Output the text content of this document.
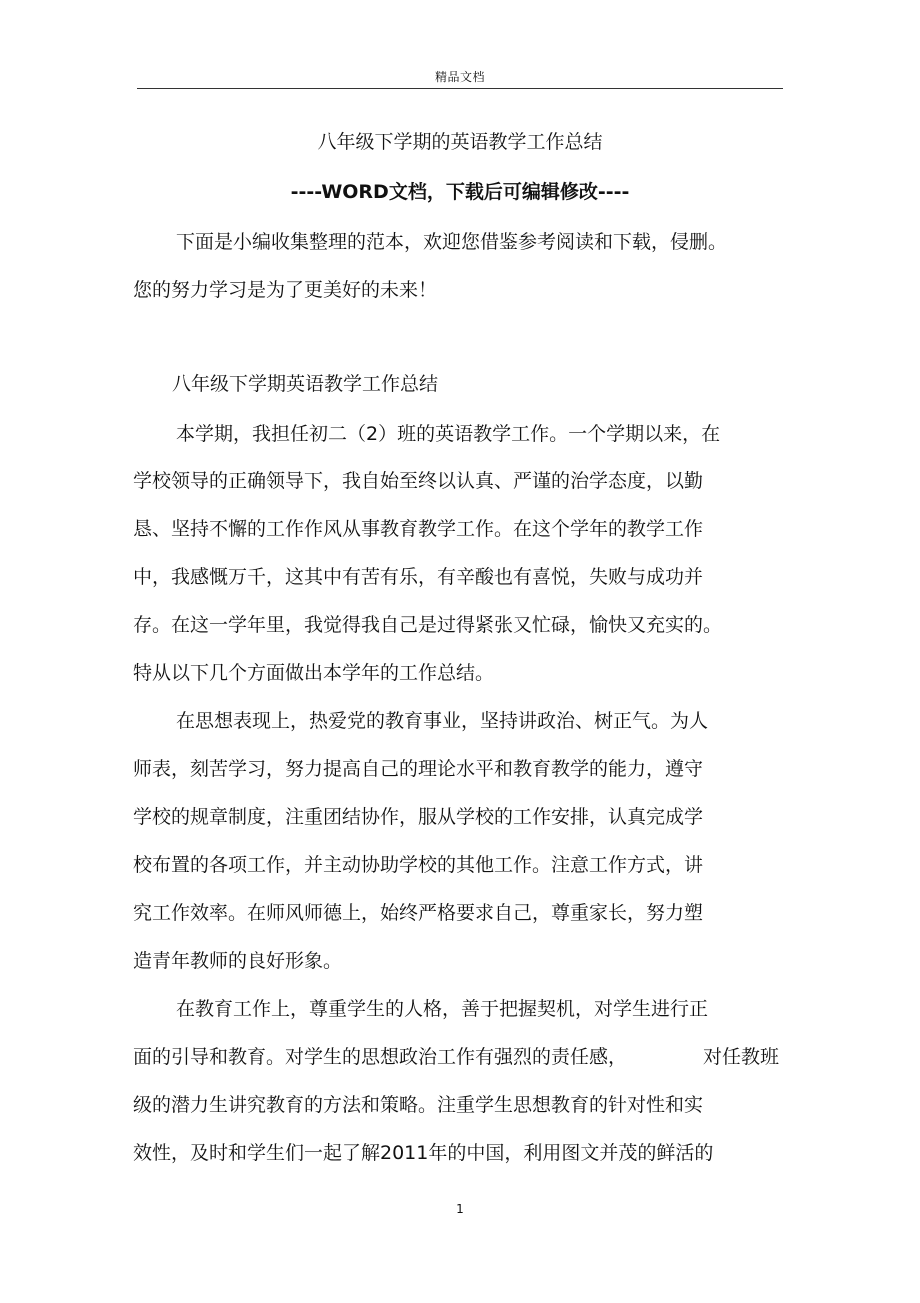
精品文档
八年级下学期的英语教学工作总结
----WORD文档，下载后可编辑修改----
下面是小编收集整理的范本，欢迎您借鉴参考阅读和下载，侵删。
您的努力学习是为了更美好的未来！
八年级下学期英语教学工作总结
本学期，我担任初二（2）班的英语教学工作。一个学期以来，在
学校领导的正确领导下，我自始至终以认真、严谨的治学态度，以勤
恳、坚持不懈的工作作风从事教育教学工作。在这个学年的教学工作
中，我感慨万千，这其中有苦有乐，有辛酸也有喜悦，失败与成功并
存。在这一学年里，我觉得我自己是过得紧张又忙碌，愉快又充实的。
特从以下几个方面做出本学年的工作总结。
在思想表现上，热爱党的教育事业，坚持讲政治、树正气。为人
师表，刻苦学习，努力提高自己的理论水平和教育教学的能力，遵守
学校的规章制度，注重团结协作，服从学校的工作安排，认真完成学
校布置的各项工作，并主动协助学校的其他工作。注意工作方式，讲
究工作效率。在师风师德上，始终严格要求自己，尊重家长，努力塑
造青年教师的良好形象。
在教育工作上，尊重学生的人格，善于把握契机，对学生进行正
面的引导和教育。对学生的思想政治工作有强烈的责任感，	对任教班
级的潜力生讲究教育的方法和策略。注重学生思想教育的针对性和实
效性，及时和学生们一起了解2011年的中国，利用图文并茂的鲜活的
1
